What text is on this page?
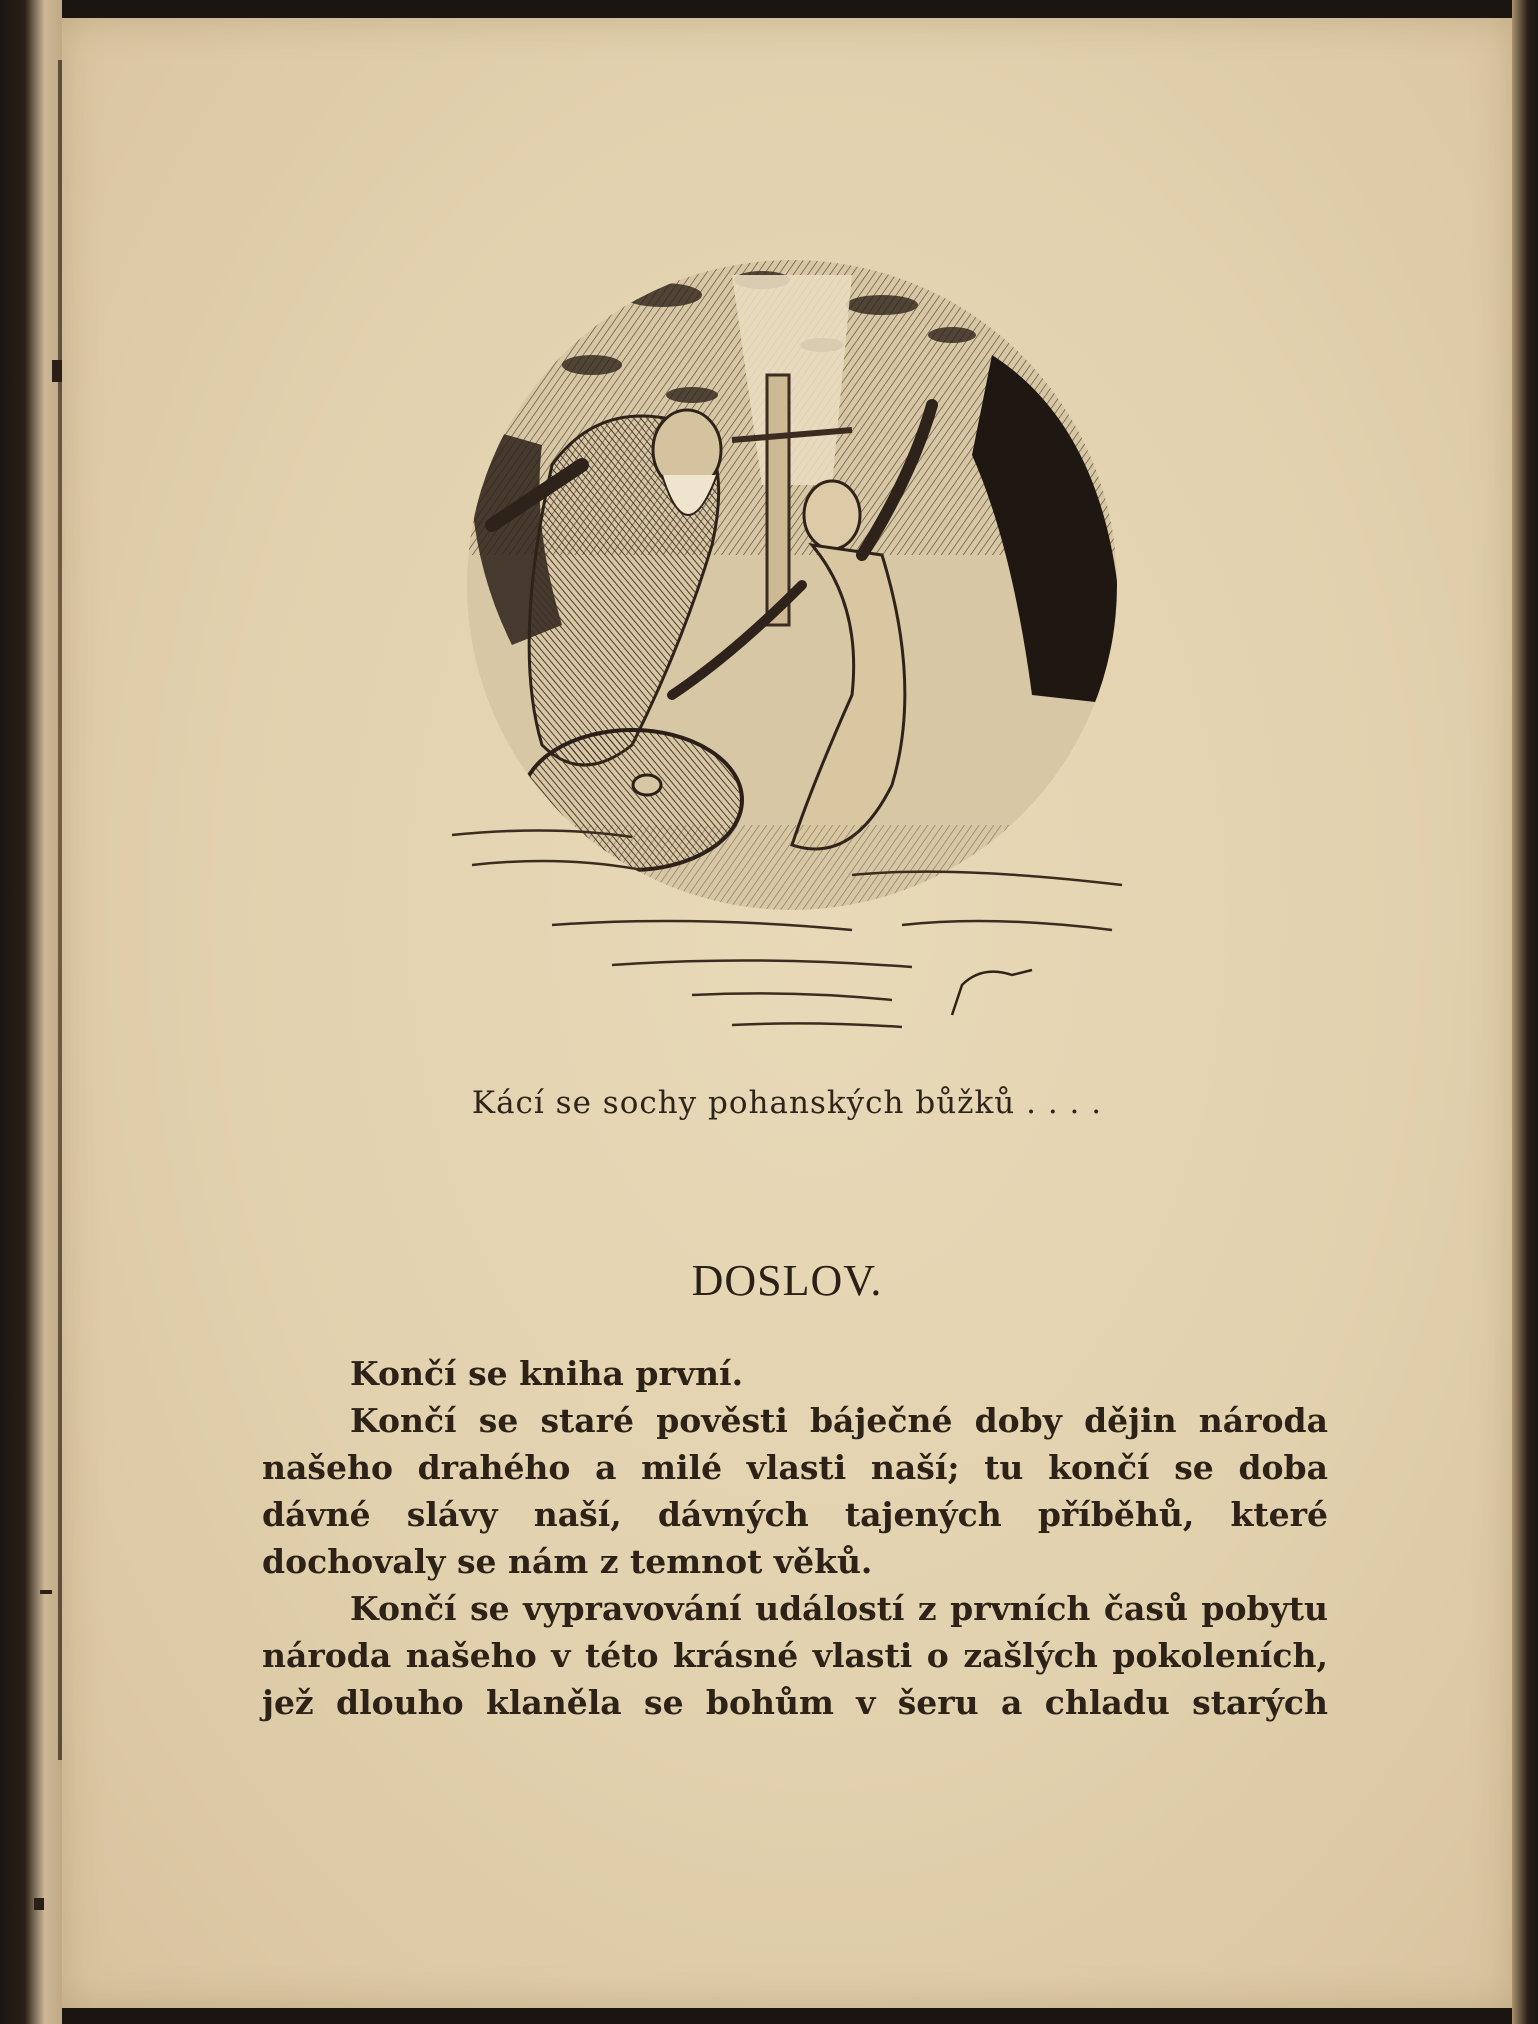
Kácí se sochy pohanských bůžků . . . .
DOSLOV.

Končí se kniha první.

Končí se staré pověsti báječné doby dějin národa našeho drahého a milé vlasti naší; tu končí se doba dávné slávy naší, dávných tajených příběhů, které dochovaly se nám z temnot věků.

Končí se vypravování událostí z prvních časů pobytu národa našeho v této krásné vlasti o zašlých pokoleních, jež dlouho klaněla se bohům v šeru a chladu starých
